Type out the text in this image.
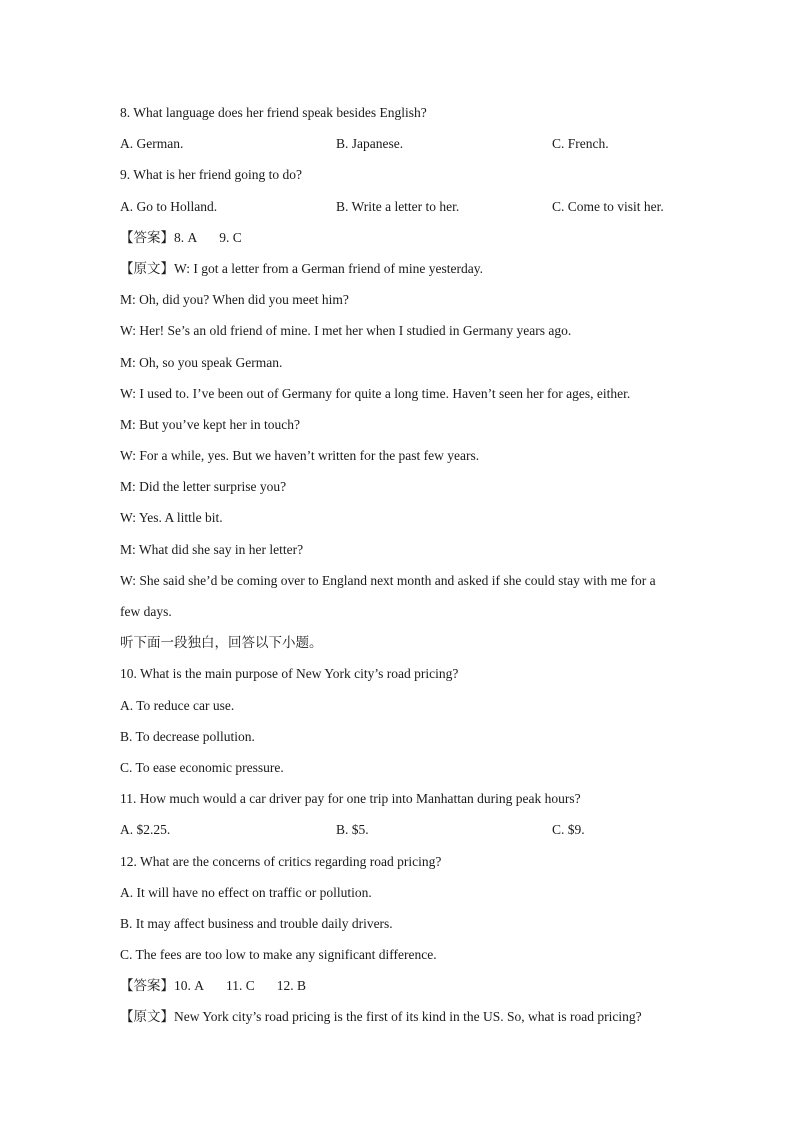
8. What language does her friend speak besides English?
A. German.	B. Japanese.	C. French.
9. What is her friend going to do?
A. Go to Holland.	B. Write a letter to her.	C. Come to visit her.
【答案】8. A 9. C
【原文】W: I got a letter from a German friend of mine yesterday.
M: Oh, did you? When did you meet him?
W: Her! Se’s an old friend of mine. I met her when I studied in Germany years ago.
M: Oh, so you speak German.
W: I used to. I’ve been out of Germany for quite a long time. Haven’t seen her for ages, either.
M: But you’ve kept her in touch?
W: For a while, yes. But we haven’t written for the past few years.
M: Did the letter surprise you?
W: Yes. A little bit.
M: What did she say in her letter?
W: She said she’d be coming over to England next month and asked if she could stay with me for a
few days.
听下面一段独白，回答以下小题。
10. What is the main purpose of New York city’s road pricing?
A. To reduce car use.
B. To decrease pollution.
C. To ease economic pressure.
11. How much would a car driver pay for one trip into Manhattan during peak hours?
A. $2.25.	B. $5.	C. $9.
12. What are the concerns of critics regarding road pricing?
A. It will have no effect on traffic or pollution.
B. It may affect business and trouble daily drivers.
C. The fees are too low to make any significant difference.
【答案】10. A 11. C 12. B
【原文】New York city’s road pricing is the first of its kind in the US. So, what is road pricing?
